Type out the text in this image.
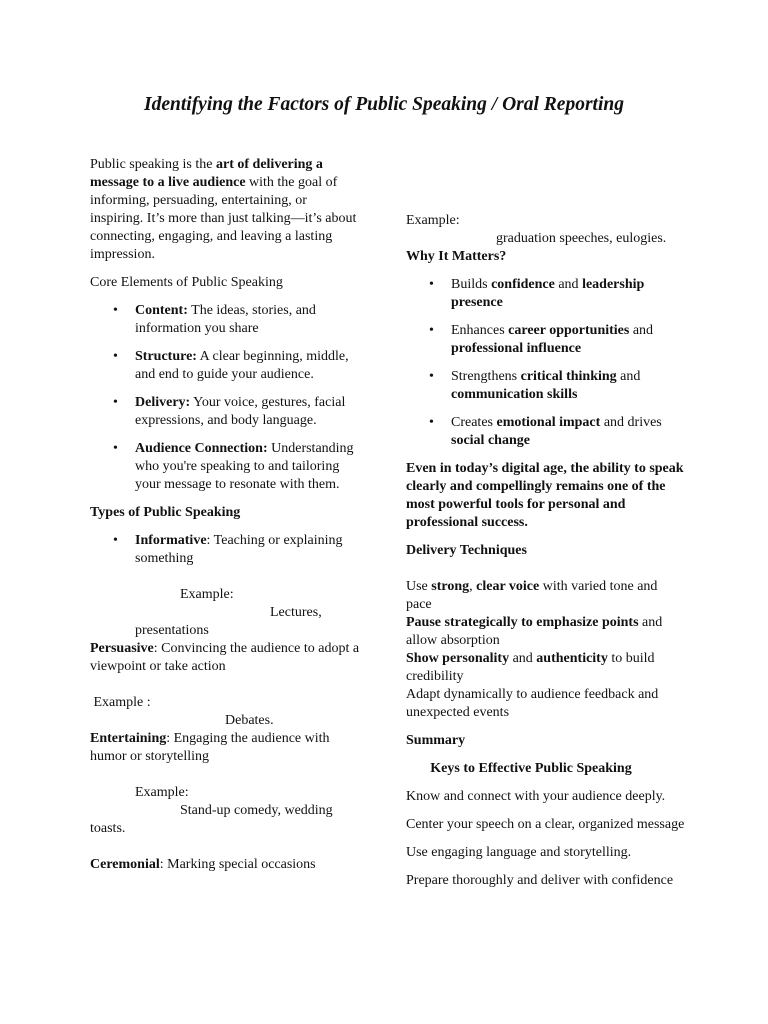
Identifying the Factors of Public Speaking / Oral Reporting

Public speaking is the art of delivering a message to a live audience with the goal of informing, persuading, entertaining, or inspiring. It’s more than just talking—it’s about connecting, engaging, and leaving a lasting impression.

Core Elements of Public Speaking

• Content: The ideas, stories, and information you share
• Structure: A clear beginning, middle, and end to guide your audience.
• Delivery: Your voice, gestures, facial expressions, and body language.
• Audience Connection: Understanding who you're speaking to and tailoring your message to resonate with them.

Types of Public Speaking

• Informative: Teaching or explaining something

Example:

Lectures,

presentations

Persuasive: Convincing the audience to adopt a viewpoint or take action

Example :

Debates.

Entertaining: Engaging the audience with humor or storytelling

Example:

Stand-up comedy, wedding

toasts.

Ceremonial: Marking special occasions

Example:

graduation speeches, eulogies.

Why It Matters?

• Builds confidence and leadership presence
• Enhances career opportunities and professional influence
• Strengthens critical thinking and communication skills
• Creates emotional impact and drives social change

Even in today’s digital age, the ability to speak clearly and compellingly remains one of the most powerful tools for personal and professional success.

Delivery Techniques

Use strong, clear voice with varied tone and pace

Pause strategically to emphasize points and allow absorption

Show personality and authenticity to build credibility

Adapt dynamically to audience feedback and unexpected events

Summary

Keys to Effective Public Speaking

Know and connect with your audience deeply.

Center your speech on a clear, organized message

Use engaging language and storytelling.

Prepare thoroughly and deliver with confidence
